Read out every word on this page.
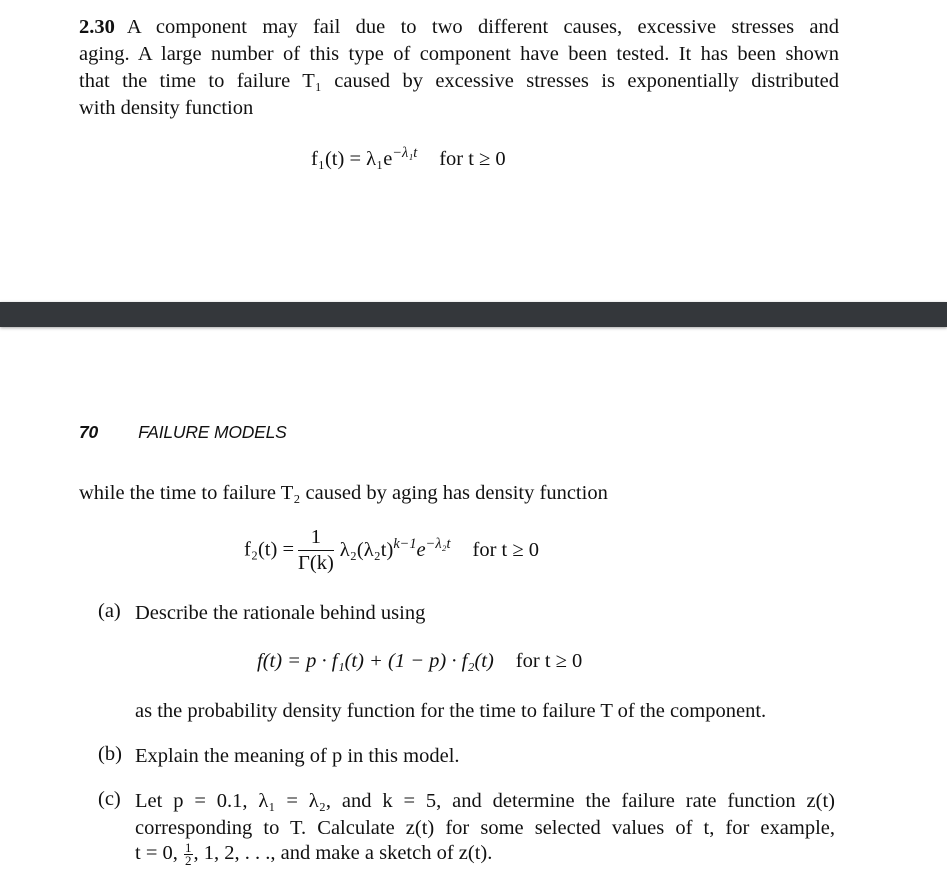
2.30 A component may fail due to two different causes, excessive stresses and
aging. A large number of this type of component have been tested. It has been shown
that the time to failure T₁ caused by excessive stresses is exponentially distributed
with density function
$f_1(t) = \lambda_1e^{-\lambda_1t}$ for t ≥ 0
70 FAILURE MODELS
while the time to failure T₂ caused by aging has density function
$f_2(t) = \frac{1}{\Gamma(k)} \lambda_2(\lambda_2t)^{k-1}e^{-\lambda_2t}$ for t ≥ 0
(a) Describe the rationale behind using
f(t) = p · f₁(t) + (1 − p) · f₂(t) for t ≥ 0
as the probability density function for the time to failure T of the component.
(b) Explain the meaning of p in this model.
(c) Let p = 0.1, λ₁ = λ₂, and k = 5, and determine the failure rate function z(t)
corresponding to T. Calculate z(t) for some selected values of t, for example,
t = 0, $\frac{1}{2}$ , 1, 2, . . ., and make a sketch of z(t).
